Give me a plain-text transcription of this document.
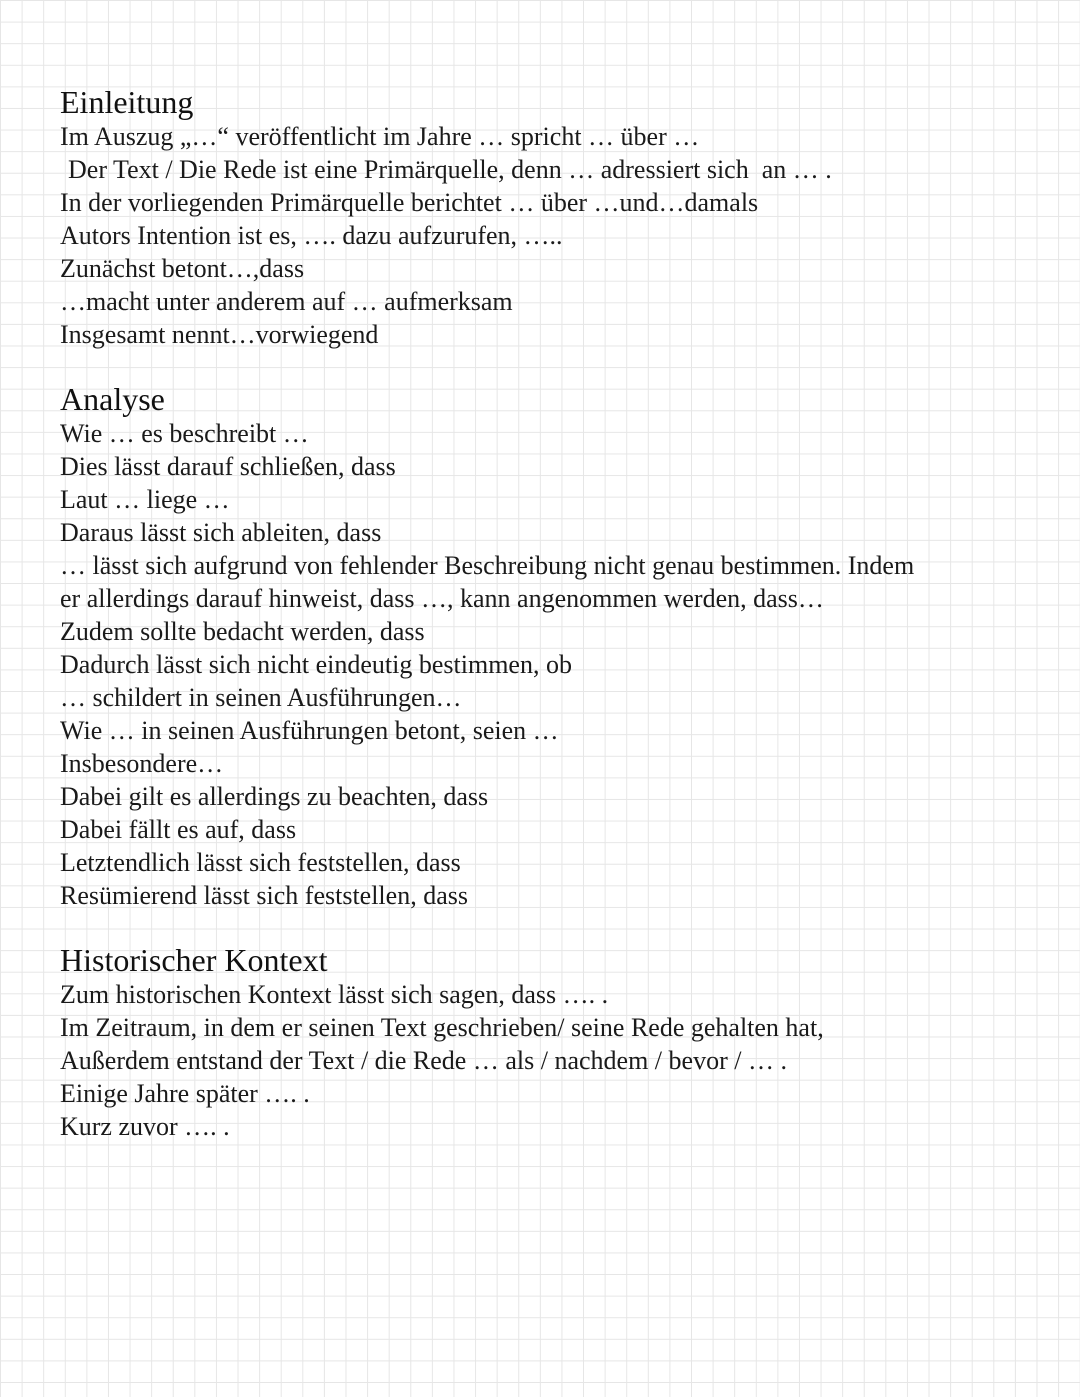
Einleitung

Im Auszug „…“ veröffentlicht im Jahre … spricht … über …

Der Text / Die Rede ist eine Primärquelle, denn … adressiert sich  an … .

In der vorliegenden Primärquelle berichtet … über …und…damals

Autors Intention ist es, …. dazu aufzurufen, …..

Zunächst betont…,dass

…macht unter anderem auf … aufmerksam

Insgesamt nennt…vorwiegend

Analyse

Wie … es beschreibt …

Dies lässt darauf schließen, dass

Laut … liege …

Daraus lässt sich ableiten, dass

… lässt sich aufgrund von fehlender Beschreibung nicht genau bestimmen. Indem

er allerdings darauf hinweist, dass …, kann angenommen werden, dass…

Zudem sollte bedacht werden, dass

Dadurch lässt sich nicht eindeutig bestimmen, ob

… schildert in seinen Ausführungen…

Wie … in seinen Ausführungen betont, seien …

Insbesondere…

Dabei gilt es allerdings zu beachten, dass

Dabei fällt es auf, dass

Letztendlich lässt sich feststellen, dass

Resümierend lässt sich feststellen, dass

Historischer Kontext

Zum historischen Kontext lässt sich sagen, dass …. .

Im Zeitraum, in dem er seinen Text geschrieben/ seine Rede gehalten hat,

Außerdem entstand der Text / die Rede … als / nachdem / bevor / … .

Einige Jahre später …. .

Kurz zuvor …. .
